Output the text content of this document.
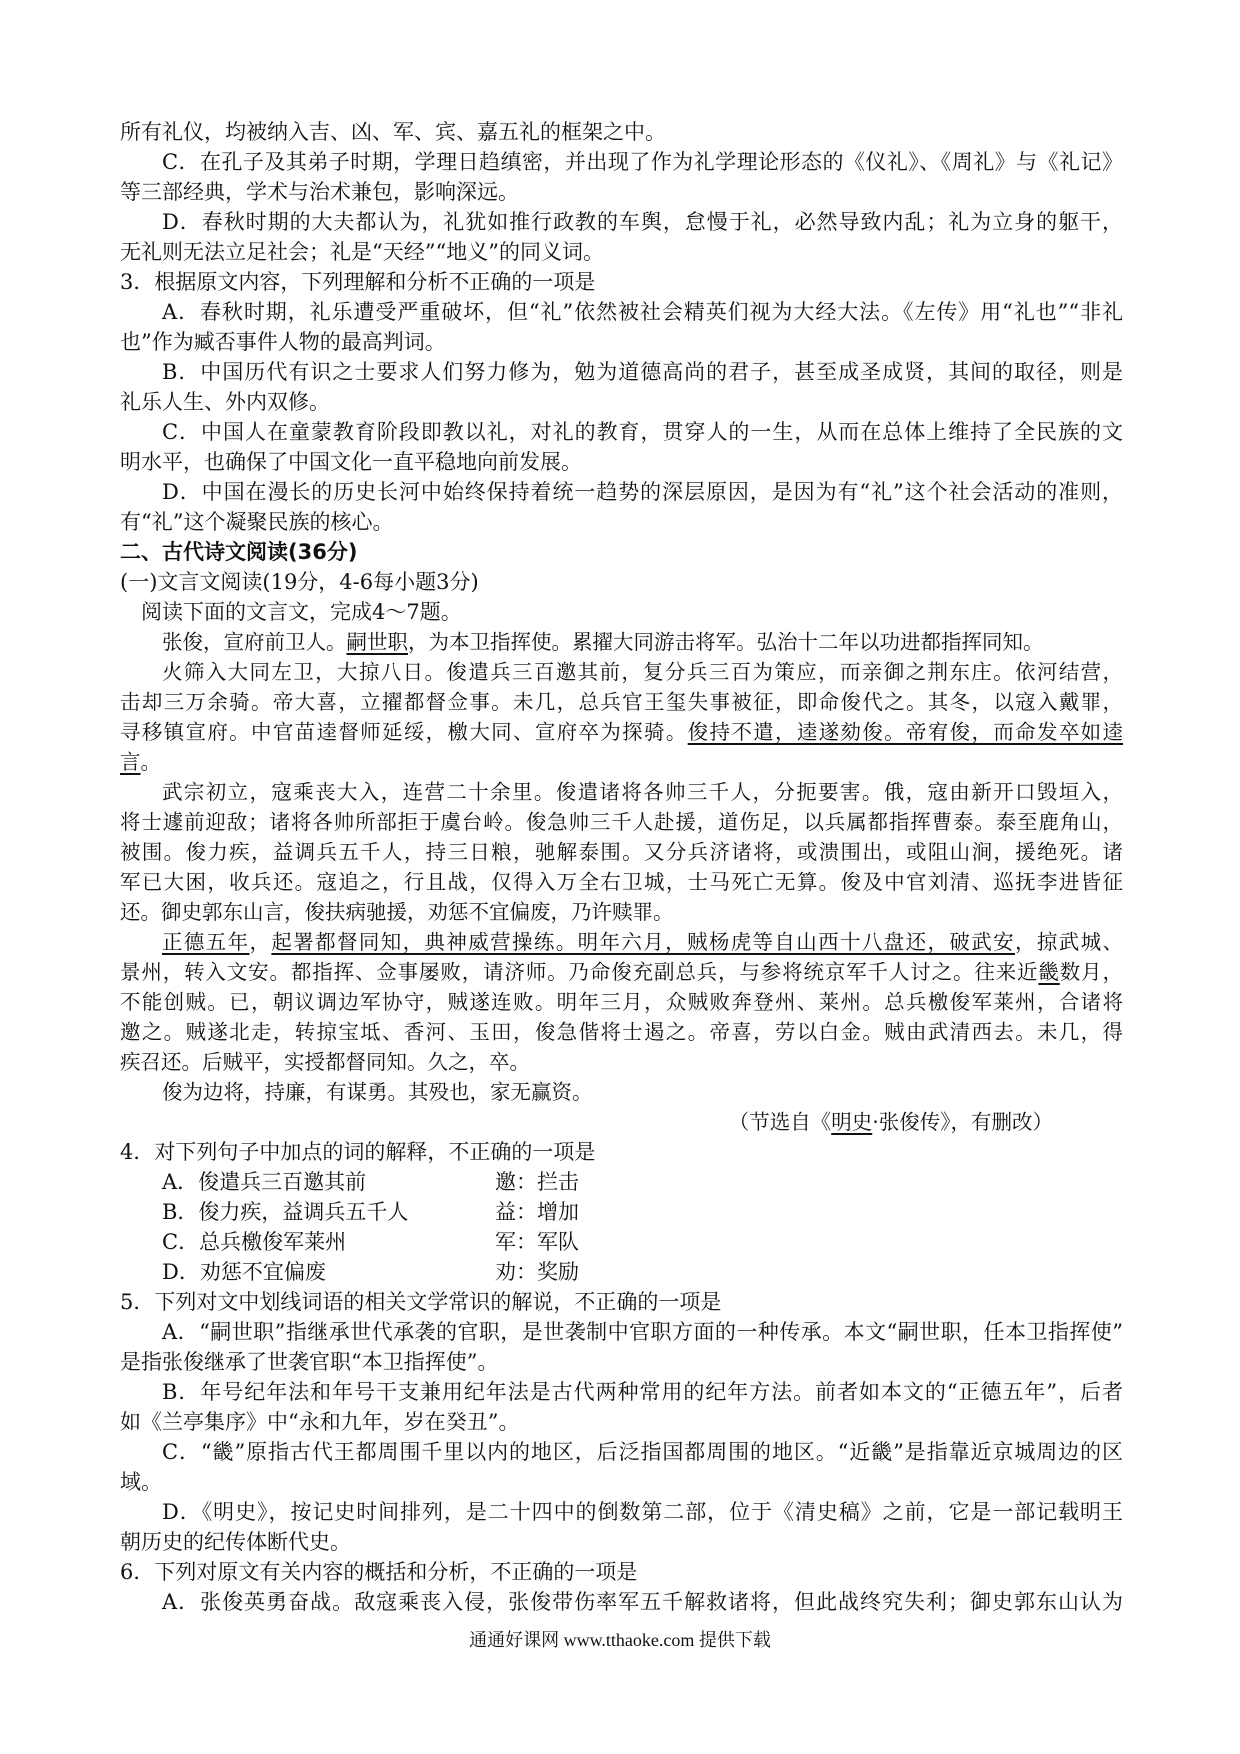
所有礼仪，均被纳入吉、凶、军、宾、嘉五礼的框架之中。
C．在孔子及其弟子时期，学理日趋缜密，并出现了作为礼学理论形态的《仪礼》、《周礼》与《礼记》
等三部经典，学术与治术兼包，影响深远。
D．春秋时期的大夫都认为，礼犹如推行政教的车舆，怠慢于礼，必然导致内乱；礼为立身的躯干，
无礼则无法立足社会；礼是“天经”“地义”的同义词。
3．根据原文内容，下列理解和分析不正确的一项是
A．春秋时期，礼乐遭受严重破坏，但“礼”依然被社会精英们视为大经大法。《左传》用“礼也”“非礼
也”作为臧否事件人物的最高判词。
B．中国历代有识之士要求人们努力修为，勉为道德高尚的君子，甚至成圣成贤，其间的取径，则是
礼乐人生、外内双修。
C．中国人在童蒙教育阶段即教以礼，对礼的教育，贯穿人的一生，从而在总体上维持了全民族的文
明水平，也确保了中国文化一直平稳地向前发展。
D．中国在漫长的历史长河中始终保持着统一趋势的深层原因，是因为有“礼”这个社会活动的准则，
有“礼”这个凝聚民族的核心。
二、古代诗文阅读(36分)
(一)文言文阅读(19分，4-6每小题3分)
阅读下面的文言文，完成4～7题。
张俊，宣府前卫人。嗣世职，为本卫指挥使。累擢大同游击将军。弘治十二年以功进都指挥同知。
火筛入大同左卫，大掠八日。俊遣兵三百邀其前，复分兵三百为策应，而亲御之荆东庄。依河结营，
击却三万余骑。帝大喜，立擢都督佥事。未几，总兵官王玺失事被征，即命俊代之。其冬，以寇入戴罪，
寻移镇宣府。中官苗逵督师延绥，檄大同、宣府卒为探骑。俊持不遣，逵遂劾俊。帝宥俊，而命发卒如逵
言。
武宗初立，寇乘丧大入，连营二十余里。俊遣诸将各帅三千人，分扼要害。俄，寇由新开口毁垣入，
将士遽前迎敌；诸将各帅所部拒于虞台岭。俊急帅三千人赴援，道伤足，以兵属都指挥曹泰。泰至鹿角山，
被围。俊力疾，益调兵五千人，持三日粮，驰解泰围。又分兵济诸将，或溃围出，或阻山涧，援绝死。诸
军已大困，收兵还。寇追之，行且战，仅得入万全右卫城，士马死亡无算。俊及中官刘清、巡抚李进皆征
还。御史郭东山言，俊扶病驰援，劝惩不宜偏废，乃许赎罪。
正德五年，起署都督同知，典神威营操练。明年六月，贼杨虎等自山西十八盘还，破武安，掠武城、
景州，转入文安。都指挥、佥事屡败，请济师。乃命俊充副总兵，与参将统京军千人讨之。往来近畿数月，
不能创贼。已，朝议调边军协守，贼遂连败。明年三月，众贼败奔登州、莱州。总兵檄俊军莱州，合诸将
邀之。贼遂北走，转掠宝坻、香河、玉田，俊急偕将士遏之。帝喜，劳以白金。贼由武清西去。未几，得
疾召还。后贼平，实授都督同知。久之，卒。
俊为边将，持廉，有谋勇。其殁也，家无赢资。
（节选自《明史·张俊传》，有删改）
4．对下列句子中加点的词的解释，不正确的一项是
A．俊遣兵三百邀其前	邀：拦击
B．俊力疾，益调兵五千人	益：增加
C．总兵檄俊军莱州	军：军队
D．劝惩不宜偏废	劝：奖励
5．下列对文中划线词语的相关文学常识的解说，不正确的一项是
A．“嗣世职”指继承世代承袭的官职，是世袭制中官职方面的一种传承。本文“嗣世职，任本卫指挥使”
是指张俊继承了世袭官职“本卫指挥使”。
B．年号纪年法和年号干支兼用纪年法是古代两种常用的纪年方法。前者如本文的“正德五年”，后者
如《兰亭集序》中“永和九年，岁在癸丑”。
C．“畿”原指古代王都周围千里以内的地区，后泛指国都周围的地区。“近畿”是指靠近京城周边的区
域。
D．《明史》，按记史时间排列，是二十四中的倒数第二部，位于《清史稿》之前，它是一部记载明王
朝历史的纪传体断代史。
6．下列对原文有关内容的概括和分析，不正确的一项是
A．张俊英勇奋战。敌寇乘丧入侵，张俊带伤率军五千解救诸将，但此战终究失利；御史郭东山认为
通通好课网 www.tthaoke.com 提供下载
